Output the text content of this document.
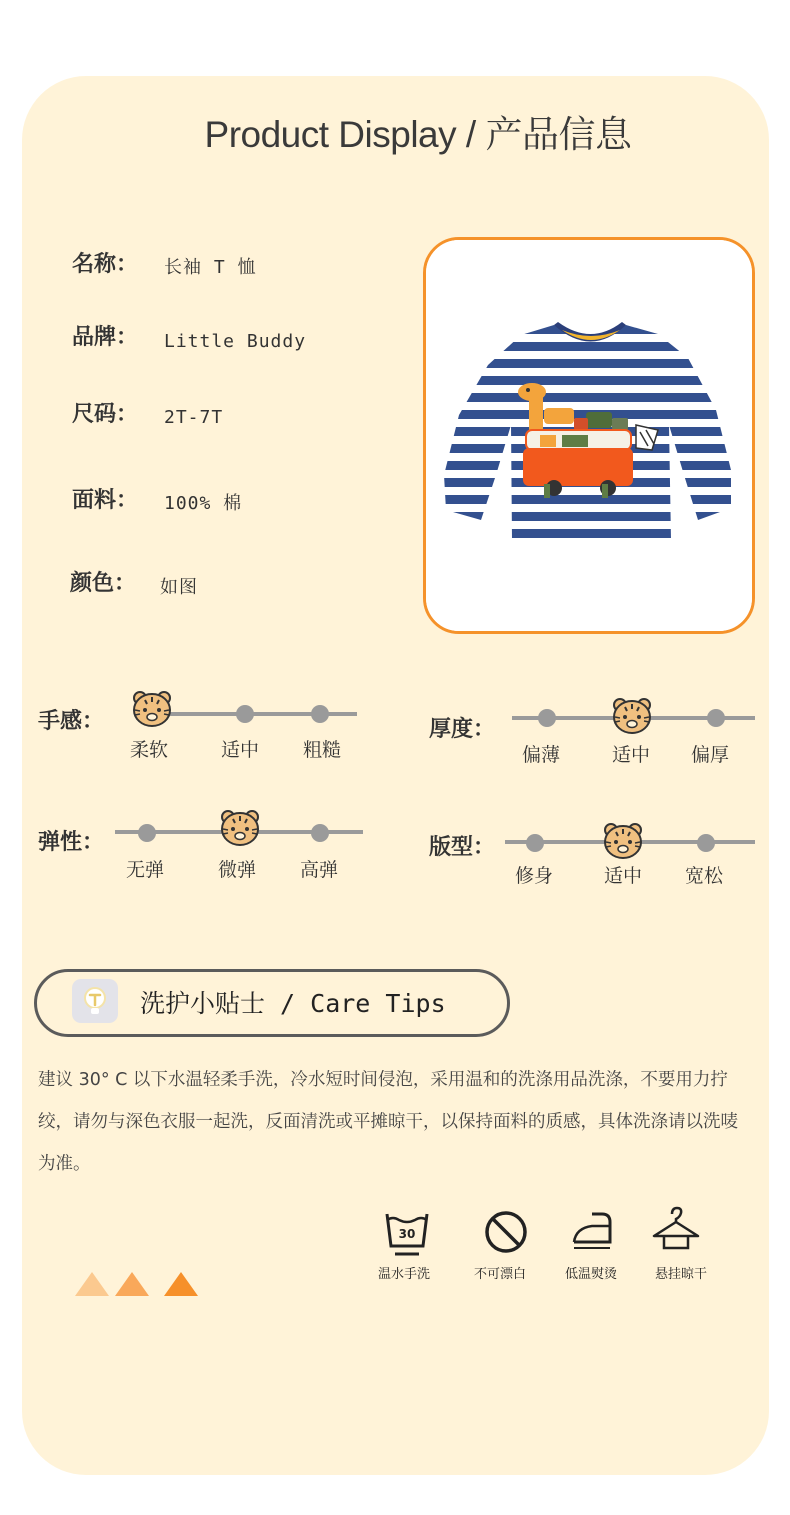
Product Display / 产品信息
名称： 长袖 T 恤
品牌： Little Buddy
尺码： 2T-7T
面料： 100% 棉
颜色： 如图
手感：
柔软	适中 粗糙
厚度：
偏薄	适中 偏厚
弹性：
无弹	微弹 高弹
版型：
修身	适中 宽松
洗护小贴士 / Care Tips
建议 30° C 以下水温轻柔手洗，冷水短时间侵泡，采用温和的洗涤用品洗涤，不要用力拧绞，请勿与深色衣服一起洗，反面清洗或平摊晾干，以保持面料的质感，具体洗涤请以洗唛为准。
30
温水手洗	不可漂白	低温熨烫	悬挂晾干
